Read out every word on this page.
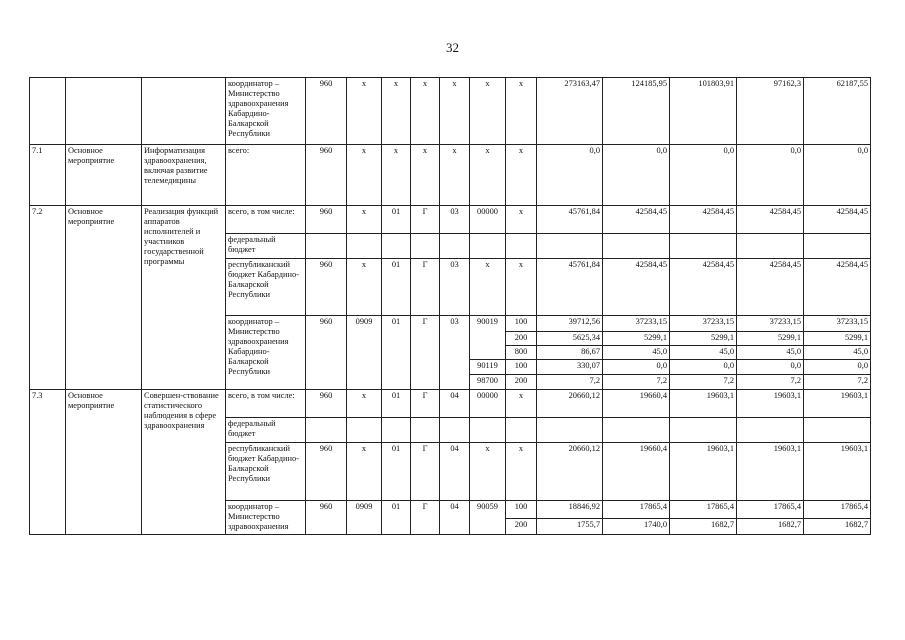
32
			координатор – Министерство здравоохранения Кабардино-Балкарской Республики	960	х	х	х	х	х	х	273163,47	124185,95	101803,91	97162,3	62187,55
7.1	Основное мероприятие	Информатизация здравоохранения, включая развитие телемедицины	всего:	960	х	х	х	х	х	х	0,0	0,0	0,0	0,0	0,0
7.2	Основное мероприятие	Реализация функций аппаратов исполнителей и участников государственной программы	всего, в том числе:	960	х	01	Г	03	00000	х	45761,84	42584,45	42584,45	42584,45	42584,45
			федеральный бюджет												
			республиканский бюджет Кабардино-Балкарской Республики	960	х	01	Г	03	х	х	45761,84	42584,45	42584,45	42584,45	42584,45
			координатор – Министерство здравоохранения Кабардино-Балкарской Республики	960	0909	01	Г	03	90019	100	39712,56	37233,15	37233,15	37233,15	37233,15
										200	5625,34	5299,1	5299,1	5299,1	5299,1
										800	86,67	45,0	45,0	45,0	45,0
									90119	100	330,07	0,0	0,0	0,0	0,0
									98700	200	7,2	7,2	7,2	7,2	7,2
7.3	Основное мероприятие	Совершен-ствование статистического наблюдения в сфере здравоохранения	всего, в том числе:	960	х	01	Г	04	00000	х	20660,12	19660,4	19603,1	19603,1	19603,1
			федеральный бюджет												
			республиканский бюджет Кабардино-Балкарской Республики	960	х	01	Г	04	х	х	20660,12	19660,4	19603,1	19603,1	19603,1
			координатор – Министерство здравоохранения	960	0909	01	Г	04	90059	100	18846,92	17865,4	17865,4	17865,4	17865,4
										200	1755,7	1740,0	1682,7	1682,7	1682,7
